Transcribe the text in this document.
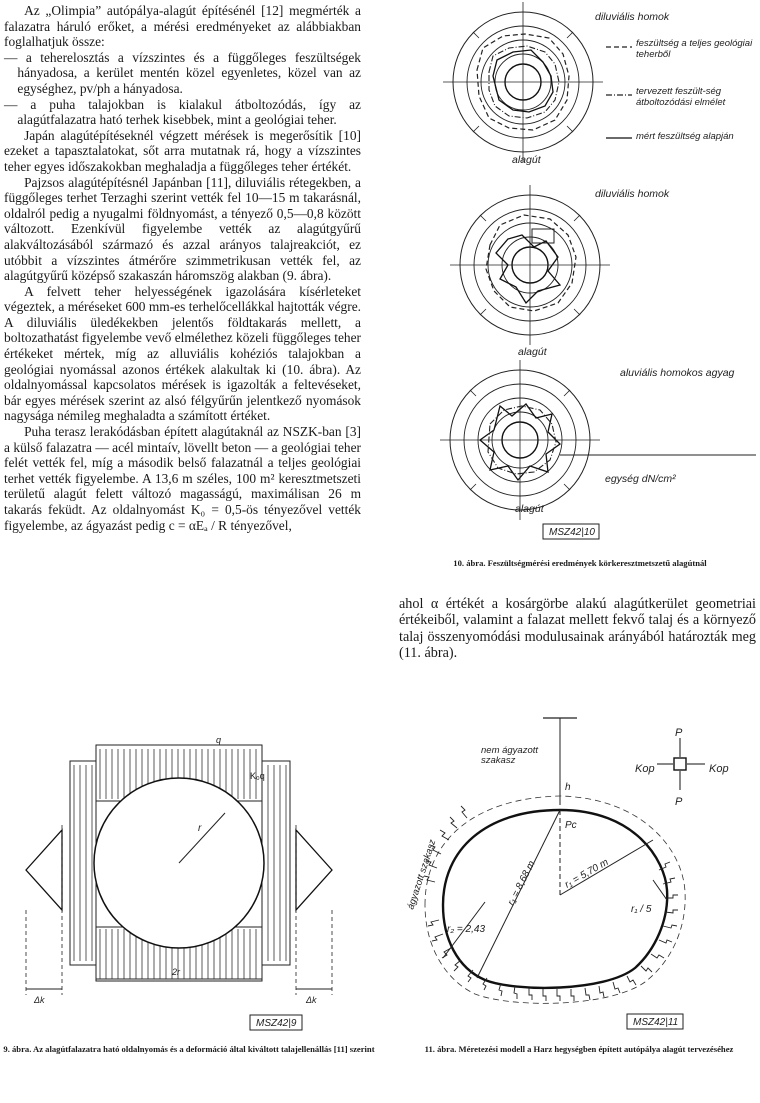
Az „Olimpia” autópálya-alagút építésénél [12] megmérték a falazatra háruló erőket, a mérési eredményeket az alábbiakban foglalhatjuk össze:

— a teherelosztás a vízszintes és a függőleges feszültségek hányadosa, a kerület mentén közel egyenletes, közel van az egységhez, pv/ph a hányadosa.

— a puha talajokban is kialakul átboltozódás, így az alagútfalazatra ható terhek kisebbek, mint a geológiai teher.

Japán alagútépítéseknél végzett mérések is megerősítik [10] ezeket a tapasztalatokat, sőt arra mutatnak rá, hogy a vízszintes teher egyes időszakokban meghaladja a függőleges teher értékét.

Pajzsos alagútépítésnél Japánban [11], diluviális rétegekben, a függőleges terhet Terzaghi szerint vették fel 10—15 m takarásnál, oldalról pedig a nyugalmi földnyomást, a tényező 0,5—0,8 között változott. Ezenkívül figyelembe vették az alagútgyűrű alakváltozásából származó és azzal arányos talajreakciót, ez utóbbit a vízszintes átmérőre szimmetrikusan vették fel, az alagútgyűrű középső szakaszán háromszög alakban (9. ábra).

A felvett teher helyességének igazolására kísérleteket végeztek, a méréseket 600 mm-es terhelőcellákkal hajtották végre. A diluviális üledékekben jelentős földtakarás mellett, a boltozathatást figyelembe vevő elmélethez közeli függőleges teher értékeket mértek, míg az alluviális kohéziós talajokban a geológiai nyomással azonos értékek alakultak ki (10. ábra). Az oldalnyomással kapcsolatos mérések is igazolták a feltevéseket, bár egyes mérések szerint az alsó félgyűrűn jelentkező nyomások nagysága némileg meghaladta a számított értéket.

Puha terasz lerakódásban épített alagútaknál az NSZK-ban [3] a külső falazatra — acél mintaív, lövellt beton — a geológiai teher felét vették fel, míg a második belső falazatnál a teljes geológiai terhet vették figyelembe. A 13,6 m széles, 100 m² keresztmetszeti területű alagút felett változó magasságú, maximálisan 26 m takarás feküdt. Az oldalnyomást K₀ = 0,5-ös tényezővel vették figyelembe, az ágyazást pedig c = αEₐ / R tényezővel,

ahol α értékét a kosárgörbe alakú alagútkerület geometriai értékeiből, valamint a falazat mellett fekvő talaj és a környező talaj összenyomódási modulusainak arányából határozták meg (11. ábra).

diluviális homok
alagút
feszültség a teljes geológiai teherből
tervezett feszült-ség átboltozódási elmélet
mért feszültség alapján
diluviális homok
alagút
aluviális homokos agyag
egység dN/cm²
alagút
MSZ42|10
10. ábra. Feszültségmérési eredmények körkeresztmetszetű alagútnál
q
K₀q
r
2r
Δk	Δk
MSZ42|9
9. ábra. Az alagútfalazatra ható oldalnyomás és a deformáció által kiváltott talajellenállás [11] szerint
P
P
Kop	Kop
nem ágyazott szakasz
ágyazott szakasz
h
Pc
r₁ = 8,68 m	r₁ = 5,70 m
r₂ = 2,43
r₁ / 5
MSZ42|11
11. ábra. Méretezési modell a Harz hegységben épített autópálya alagút tervezéséhez
